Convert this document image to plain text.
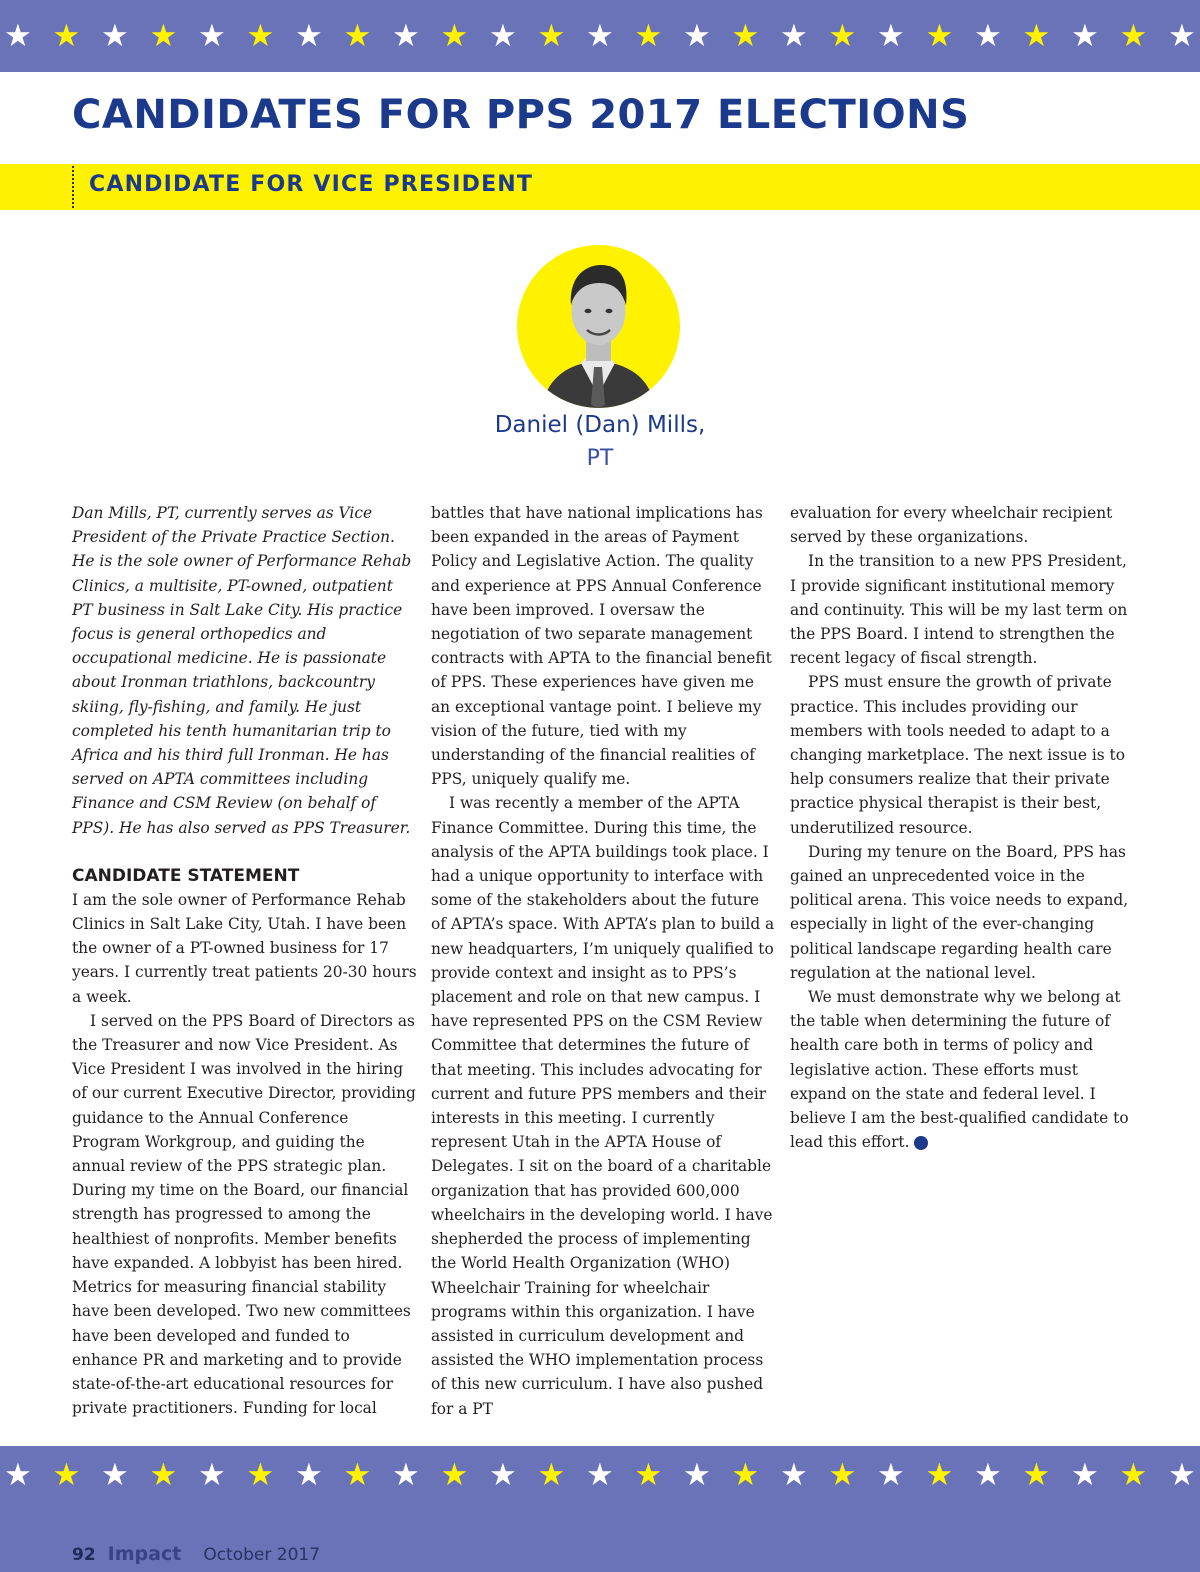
★ ★ ★ ★ ★ ★ ★ ★ ★ ★ ★ ★ ★ ★ ★ ★ ★ ★ ★ ★ ★ ★ ★ ★ ★
CANDIDATES FOR PPS 2017 ELECTIONS
CANDIDATE FOR VICE PRESIDENT
Daniel (Dan) Mills,
PT

Dan Mills, PT, currently serves as Vice President of the Private Practice Section. He is the sole owner of Performance Rehab Clinics, a multisite, PT-owned, outpatient PT business in Salt Lake City. His practice focus is general orthopedics and occupational medicine. He is passionate about Ironman triathlons, backcountry skiing, fly-fishing, and family. He just completed his tenth humanitarian trip to Africa and his third full Ironman. He has served on APTA committees including Finance and CSM Review (on behalf of PPS). He has also served as PPS Treasurer.

CANDIDATE STATEMENT

I am the sole owner of Performance Rehab Clinics in Salt Lake City, Utah. I have been the owner of a PT-owned business for 17 years. I currently treat patients 20-30 hours a week.

I served on the PPS Board of Directors as the Treasurer and now Vice President. As Vice President I was involved in the hiring of our current Executive Director, providing guidance to the Annual Conference Program Workgroup, and guiding the annual review of the PPS strategic plan. During my time on the Board, our financial strength has progressed to among the healthiest of nonprofits. Member benefits have expanded. A lobbyist has been hired. Metrics for measuring financial stability have been developed. Two new committees have been developed and funded to enhance PR and marketing and to provide state-of-the-art educational resources for private practitioners. Funding for local

battles that have national implications has been expanded in the areas of Payment Policy and Legislative Action. The quality and experience at PPS Annual Conference have been improved. I oversaw the negotiation of two separate management contracts with APTA to the financial benefit of PPS. These experiences have given me an exceptional vantage point. I believe my vision of the future, tied with my understanding of the financial realities of PPS, uniquely qualify me.

I was recently a member of the APTA Finance Committee. During this time, the analysis of the APTA buildings took place. I had a unique opportunity to interface with some of the stakeholders about the future of APTA’s space. With APTA’s plan to build a new headquarters, I’m uniquely qualified to provide context and insight as to PPS’s placement and role on that new campus. I have represented PPS on the CSM Review Committee that determines the future of that meeting. This includes advocating for current and future PPS members and their interests in this meeting. I currently represent Utah in the APTA House of Delegates. I sit on the board of a charitable organization that has provided 600,000 wheelchairs in the developing world. I have shepherded the process of implementing the World Health Organization (WHO) Wheelchair Training for wheelchair programs within this organization. I have assisted in curriculum development and assisted the WHO implementation process of this new curriculum. I have also pushed for a PT

evaluation for every wheelchair recipient served by these organizations.

In the transition to a new PPS President, I provide significant institutional memory and continuity. This will be my last term on the PPS Board. I intend to strengthen the recent legacy of fiscal strength.

PPS must ensure the growth of private practice. This includes providing our members with tools needed to adapt to a changing marketplace. The next issue is to help consumers realize that their private practice physical therapist is their best, underutilized resource.

During my tenure on the Board, PPS has gained an unprecedented voice in the political arena. This voice needs to expand, especially in light of the ever-changing political landscape regarding health care regulation at the national level.

We must demonstrate why we belong at the table when determining the future of health care both in terms of policy and legislative action. These efforts must expand on the state and federal level. I believe I am the best-qualified candidate to lead this effort. ★

★ ★ ★ ★ ★ ★ ★ ★ ★ ★ ★ ★ ★ ★ ★ ★ ★ ★ ★ ★ ★ ★ ★ ★ ★
92 Impact October 2017
